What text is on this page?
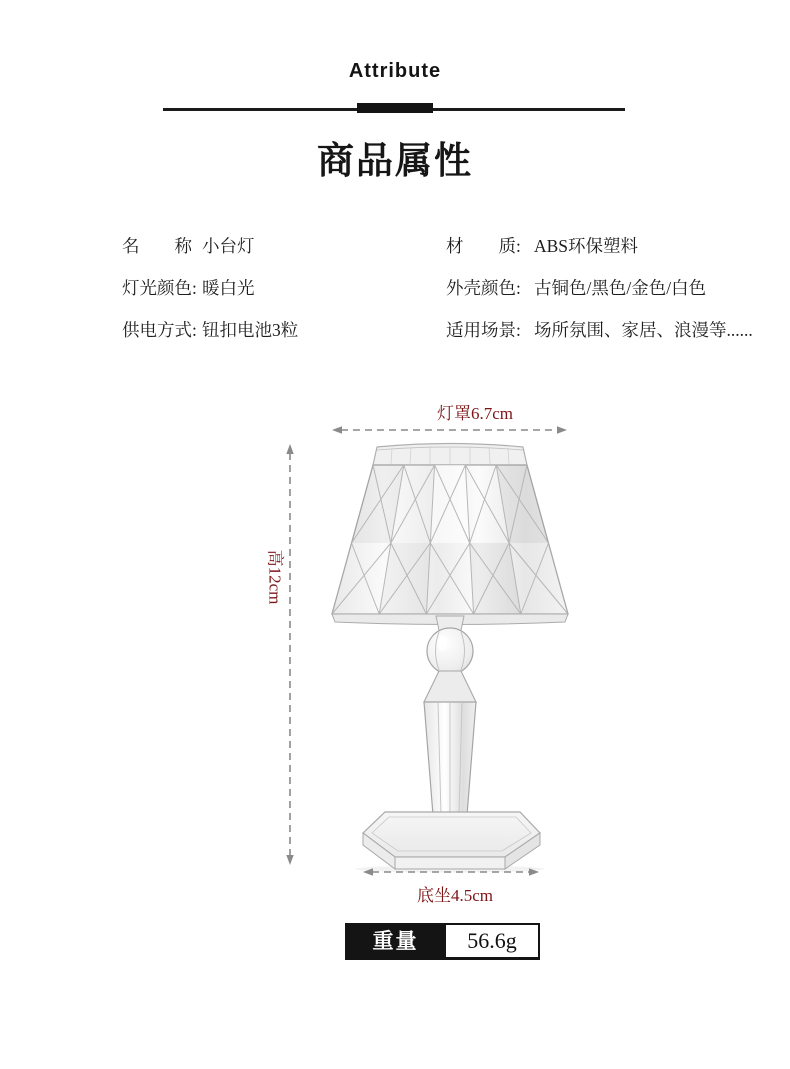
Attribute
商品属性
名　　称 小台灯
灯光颜色: 暖白光
供电方式: 钮扣电池3粒
材　　质: ABS环保塑料
外壳颜色: 古铜色/黑色/金色/白色
适用场景: 场所氛围、家居、浪漫等......
灯罩6.7cm
高12cm
底坐4.5cm
重量	56.6g
